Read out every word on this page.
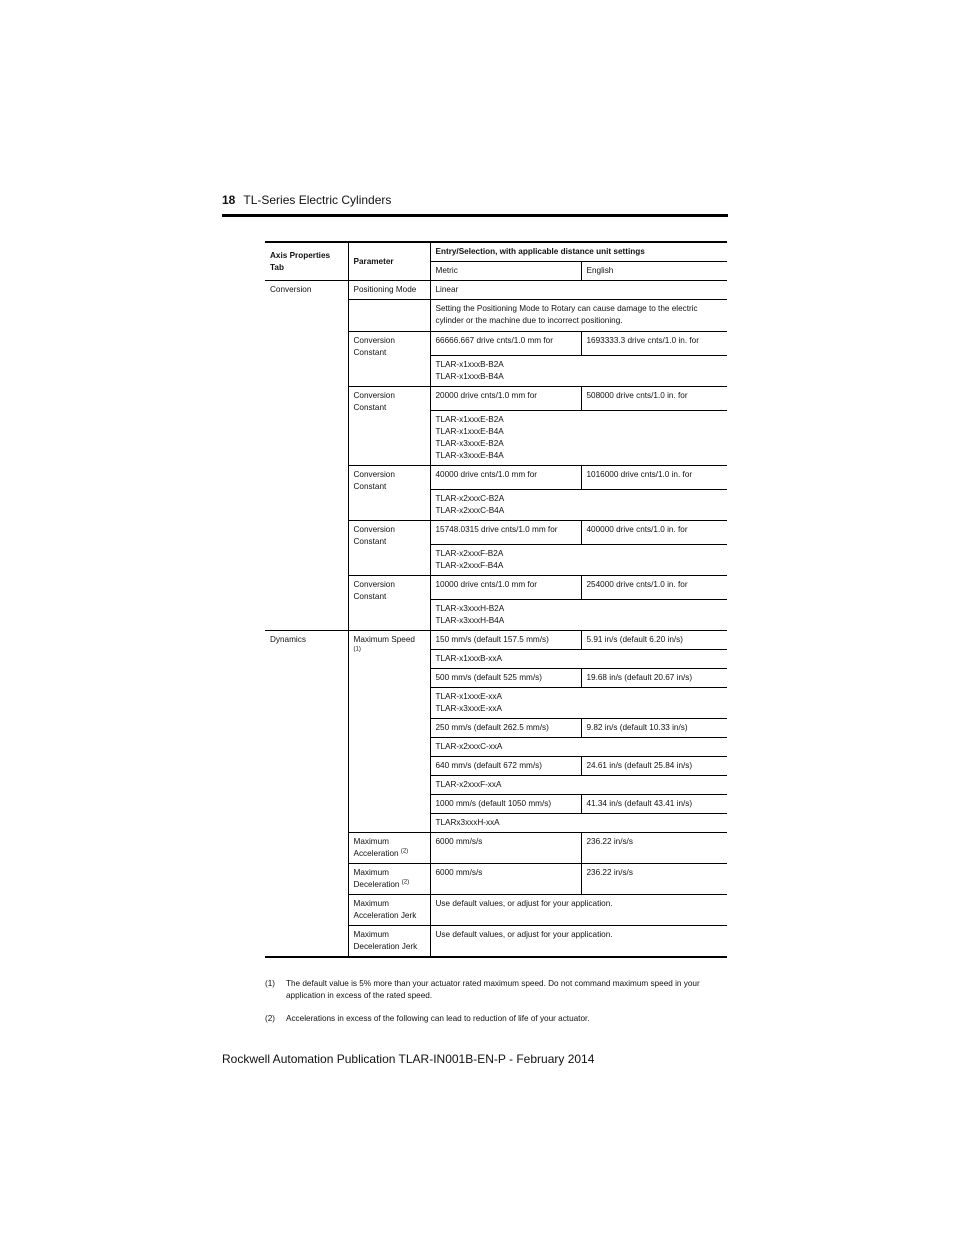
18 TL-Series Electric Cylinders
Axis Properties Tab	Parameter	Entry/Selection, with applicable distance unit settings	
		Metric	English
Conversion	Positioning Mode	Linear	
		Setting the Positioning Mode to Rotary can cause damage to the electric cylinder or the machine due to incorrect positioning.	
	Conversion Constant	66666.667 drive cnts/1.0 mm for	1693333.3 drive cnts/1.0 in. for

		TLAR-x1xxxB-B2A
TLAR-x1xxxB-B4A	

	Conversion Constant	20000 drive cnts/1.0 mm for	508000 drive cnts/1.0 in. for

		TLAR-x1xxxE-B2A
TLAR-x1xxxE-B4A
TLAR-x3xxxE-B2A
TLAR-x3xxxE-B4A	

	Conversion Constant	40000 drive cnts/1.0 mm for	1016000 drive cnts/1.0 in. for

		TLAR-x2xxxC-B2A
TLAR-x2xxxC-B4A	

	Conversion Constant	15748.0315 drive cnts/1.0 mm for	400000 drive cnts/1.0 in. for

		TLAR-x2xxxF-B2A
TLAR-x2xxxF-B4A	

	Conversion Constant	10000 drive cnts/1.0 mm for	254000 drive cnts/1.0 in. for

		TLAR-x3xxxH-B2A
TLAR-x3xxxH-B4A	

Dynamics	Maximum Speed $^{(1)}$	150 mm/s (default 157.5 mm/s)	5.91 in/s (default 6.20 in/s)

		TLAR-x1xxxB-xxA	

		500 mm/s (default 525 mm/s)	19.68 in/s (default 20.67 in/s)

		TLAR-x1xxxE-xxA
TLAR-x3xxxE-xxA	

		250 mm/s (default 262.5 mm/s)	9.82 in/s (default 10.33 in/s)

		TLAR-x2xxxC-xxA	

		640 mm/s (default 672 mm/s)	24.61 in/s (default 25.84 in/s)

		TLAR-x2xxxF-xxA	

		1000 mm/s (default 1050 mm/s)	41.34 in/s (default 43.41 in/s)

		TLARx3xxxH-xxA	

	Maximum Acceleration $^{(2)}$	6000 mm/s/s	236.22 in/s/s
	Maximum Deceleration $^{(2)}$	6000 mm/s/s	236.22 in/s/s
	Maximum Acceleration Jerk	Use default values, or adjust for your application.	
	Maximum Deceleration Jerk	Use default values, or adjust for your application.	
(1) The default value is 5% more than your actuator rated maximum speed. Do not command maximum speed in your application in excess of the rated speed.
(2) Accelerations in excess of the following can lead to reduction of life of your actuator.
Rockwell Automation Publication TLAR-IN001B-EN-P - February 2014
